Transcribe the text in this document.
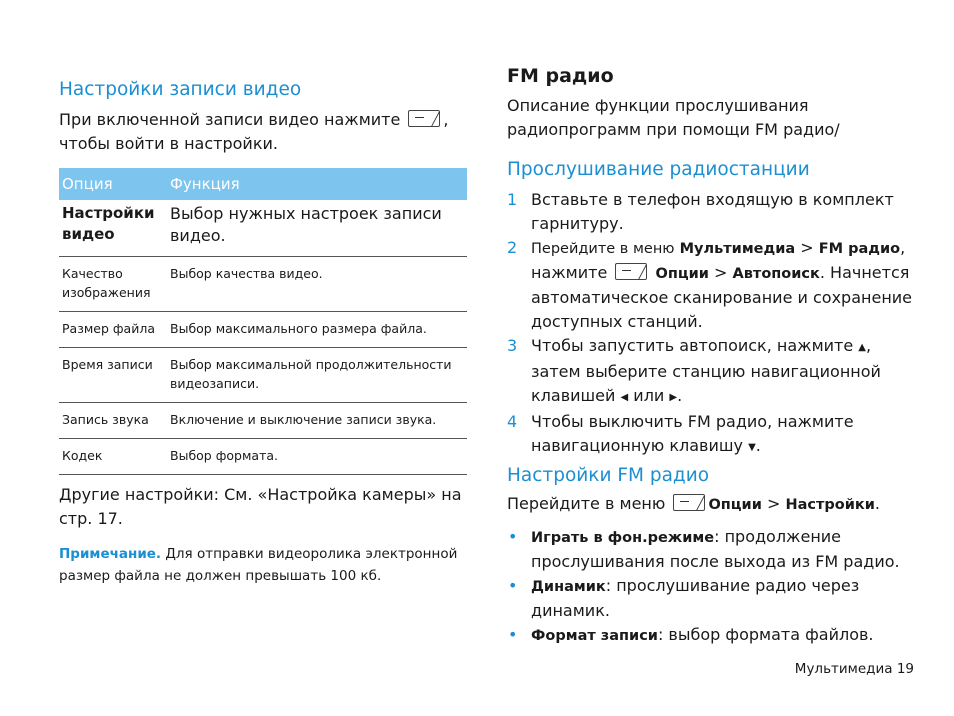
Настройки записи видео

При включенной записи видео нажмите	,
чтобы войти в настройки.

Опция	Функция
Настройки видео	Выбор нужных настроек записи видео.
Качество изображения	Выбор качества видео.
Размер файла	Выбор максимального размера файла.
Время записи	Выбор максимальной продолжительности видеозаписи.
Запись звука	Включение и выключение записи звука.
Кодек	Выбор формата.

Другие настройки: См. «Настройка камеры» на стр. 17.

Примечание. Для отправки видеоролика электронной размер файла не должен превышать 100 кб.
FM радио

Описание функции прослушивания радиопрограмм при помощи FM радио/

Прослушивание радиостанции
1 Вставьте в телефон входящую в комплект гарнитуру.
2 Перейдите в меню Мультимедиа > FM радио, нажмите	Опции > Автопоиск. Начнется автоматическое сканирование и сохранение доступных станций.
3 Чтобы запустить автопоиск, нажмите ▲, затем выберите станцию навигационной клавишей ◀ или ▶.
4 Чтобы выключить FM радио, нажмите навигационную клавишу ▼.
Настройки FM радио

Перейдите в меню	Опции > Настройки.

• Играть в фон.режиме: продолжение прослушивания после выхода из FM радио.
• Динамик: прослушивание радио через динамик.
• Формат записи: выбор формата файлов.
Мультимедиа 19
